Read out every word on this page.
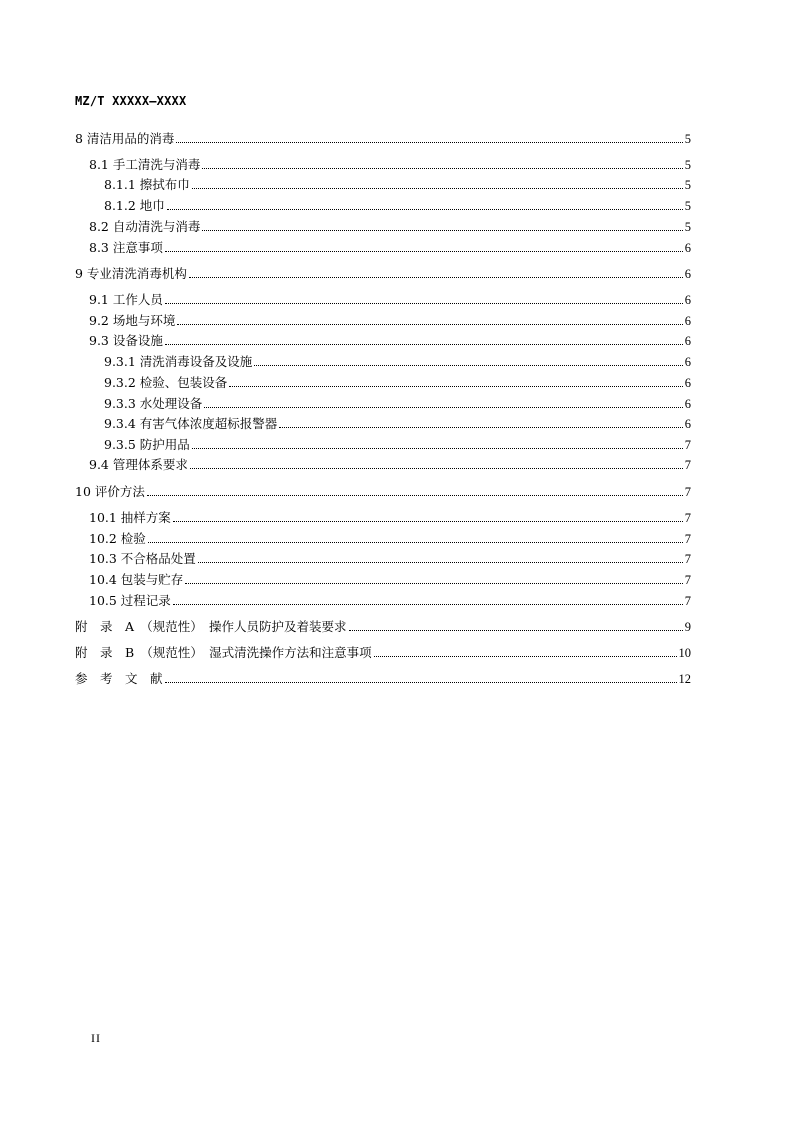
MZ/T XXXXX—XXXX
8 清洁用品的消毒	5
8.1 手工清洗与消毒	5
8.1.1 擦拭布巾	5
8.1.2 地巾	5
8.2 自动清洗与消毒	5
8.3 注意事项	6
9 专业清洗消毒机构	6
9.1 工作人员	6
9.2 场地与环境	6
9.3 设备设施	6
9.3.1 清洗消毒设备及设施	6
9.3.2 检验、包装设备	6
9.3.3 水处理设备	6
9.3.4 有害气体浓度超标报警器	6
9.3.5 防护用品	7
9.4 管理体系要求	7
10 评价方法	7
10.1 抽样方案	7
10.2 检验	7
10.3 不合格品处置	7
10.4 包装与贮存	7
10.5 过程记录	7
附　录　A　（规范性）　操作人员防护及着装要求	9
附　录　B　（规范性）　湿式清洗操作方法和注意事项	10
参　考　文　献	12
II
